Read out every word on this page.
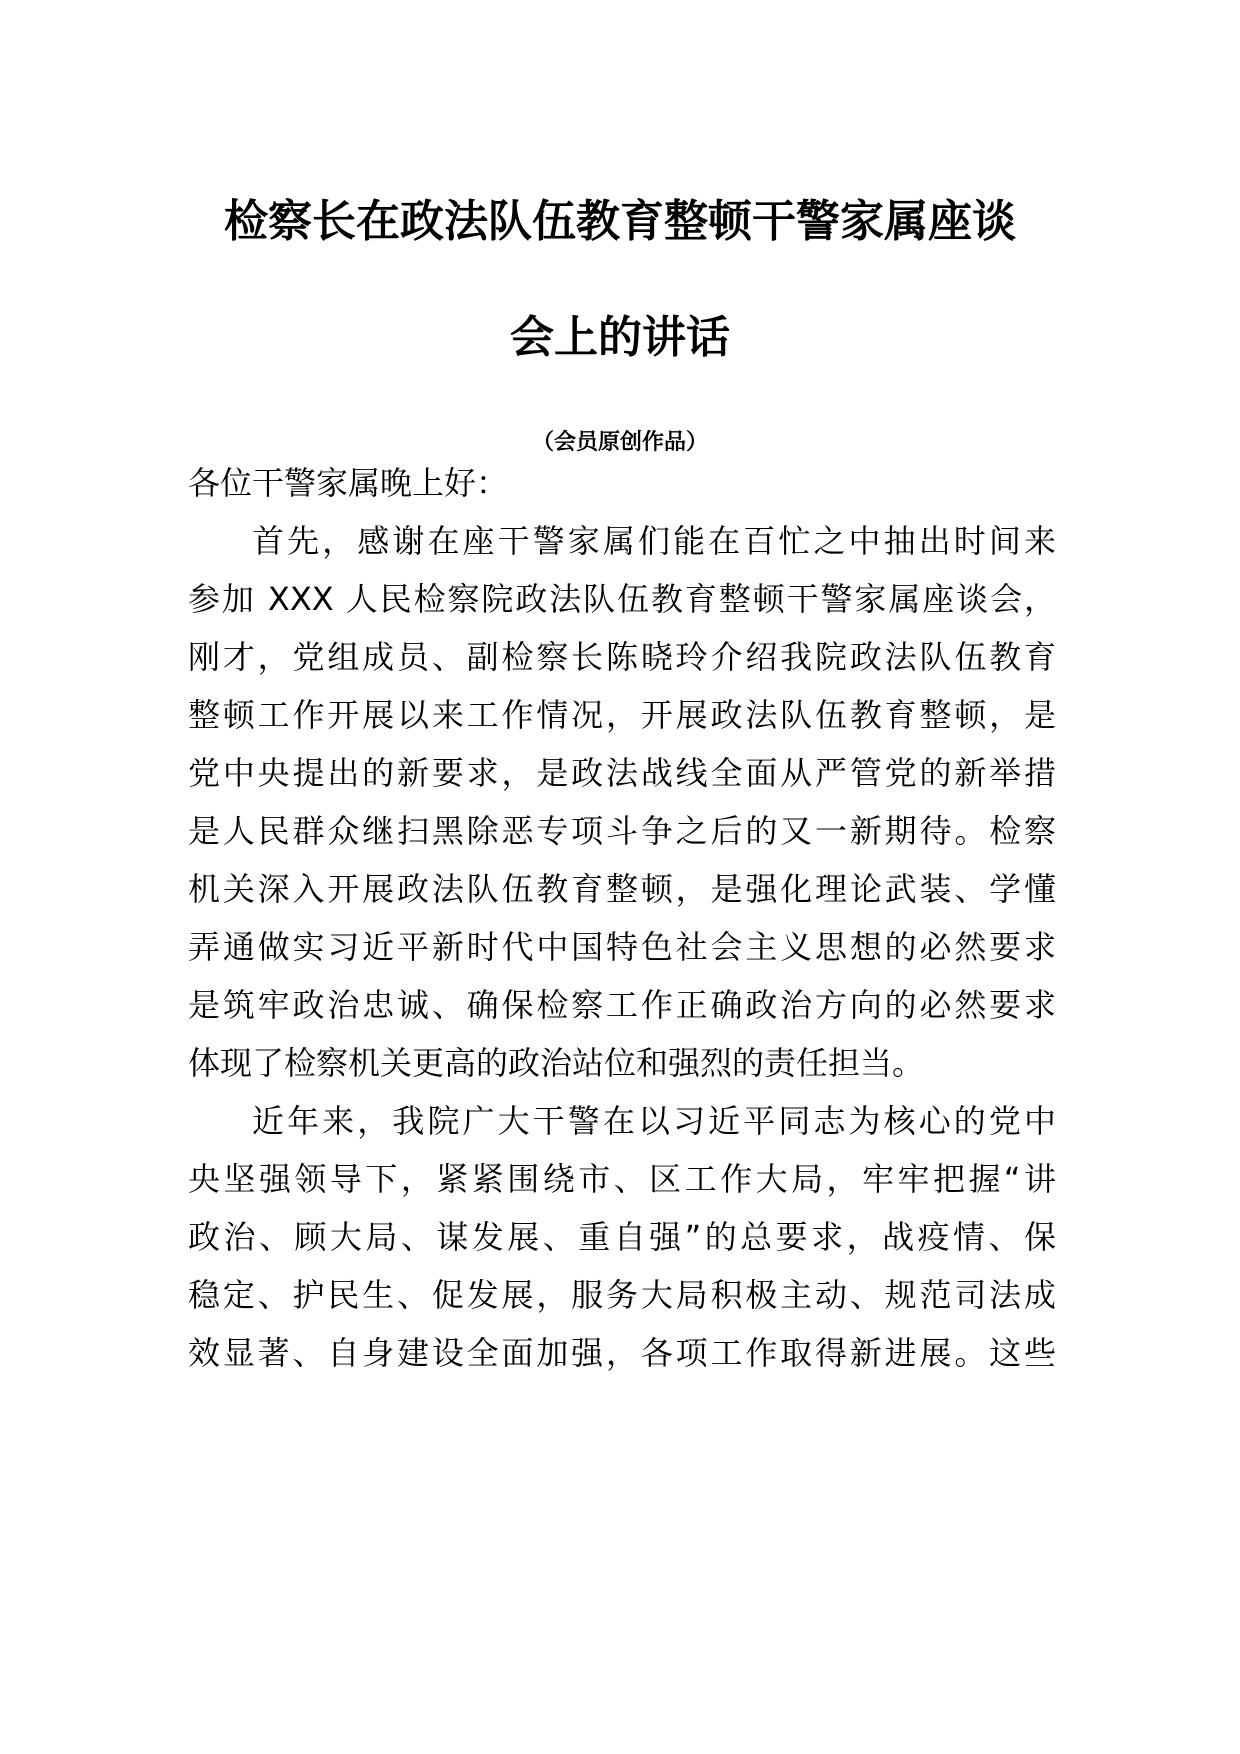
检察长在政法队伍教育整顿干警家属座谈
会上的讲话
（会员原创作品）
各位干警家属晚上好：
首先，感谢在座干警家属们能在百忙之中抽出时间来
参加 XXX 人民检察院政法队伍教育整顿干警家属座谈会，
刚才，党组成员、副检察长陈晓玲介绍我院政法队伍教育
整顿工作开展以来工作情况，开展政法队伍教育整顿，是
党中央提出的新要求，是政法战线全面从严管党的新举措
是人民群众继扫黑除恶专项斗争之后的又一新期待。检察
机关深入开展政法队伍教育整顿，是强化理论武装、学懂
弄通做实习近平新时代中国特色社会主义思想的必然要求
是筑牢政治忠诚、确保检察工作正确政治方向的必然要求
体现了检察机关更高的政治站位和强烈的责任担当。
近年来，我院广大干警在以习近平同志为核心的党中
央坚强领导下，紧紧围绕市、区工作大局，牢牢把握“讲
政治、顾大局、谋发展、重自强”的总要求，战疫情、保
稳定、护民生、促发展，服务大局积极主动、规范司法成
效显著、自身建设全面加强，各项工作取得新进展。这些
